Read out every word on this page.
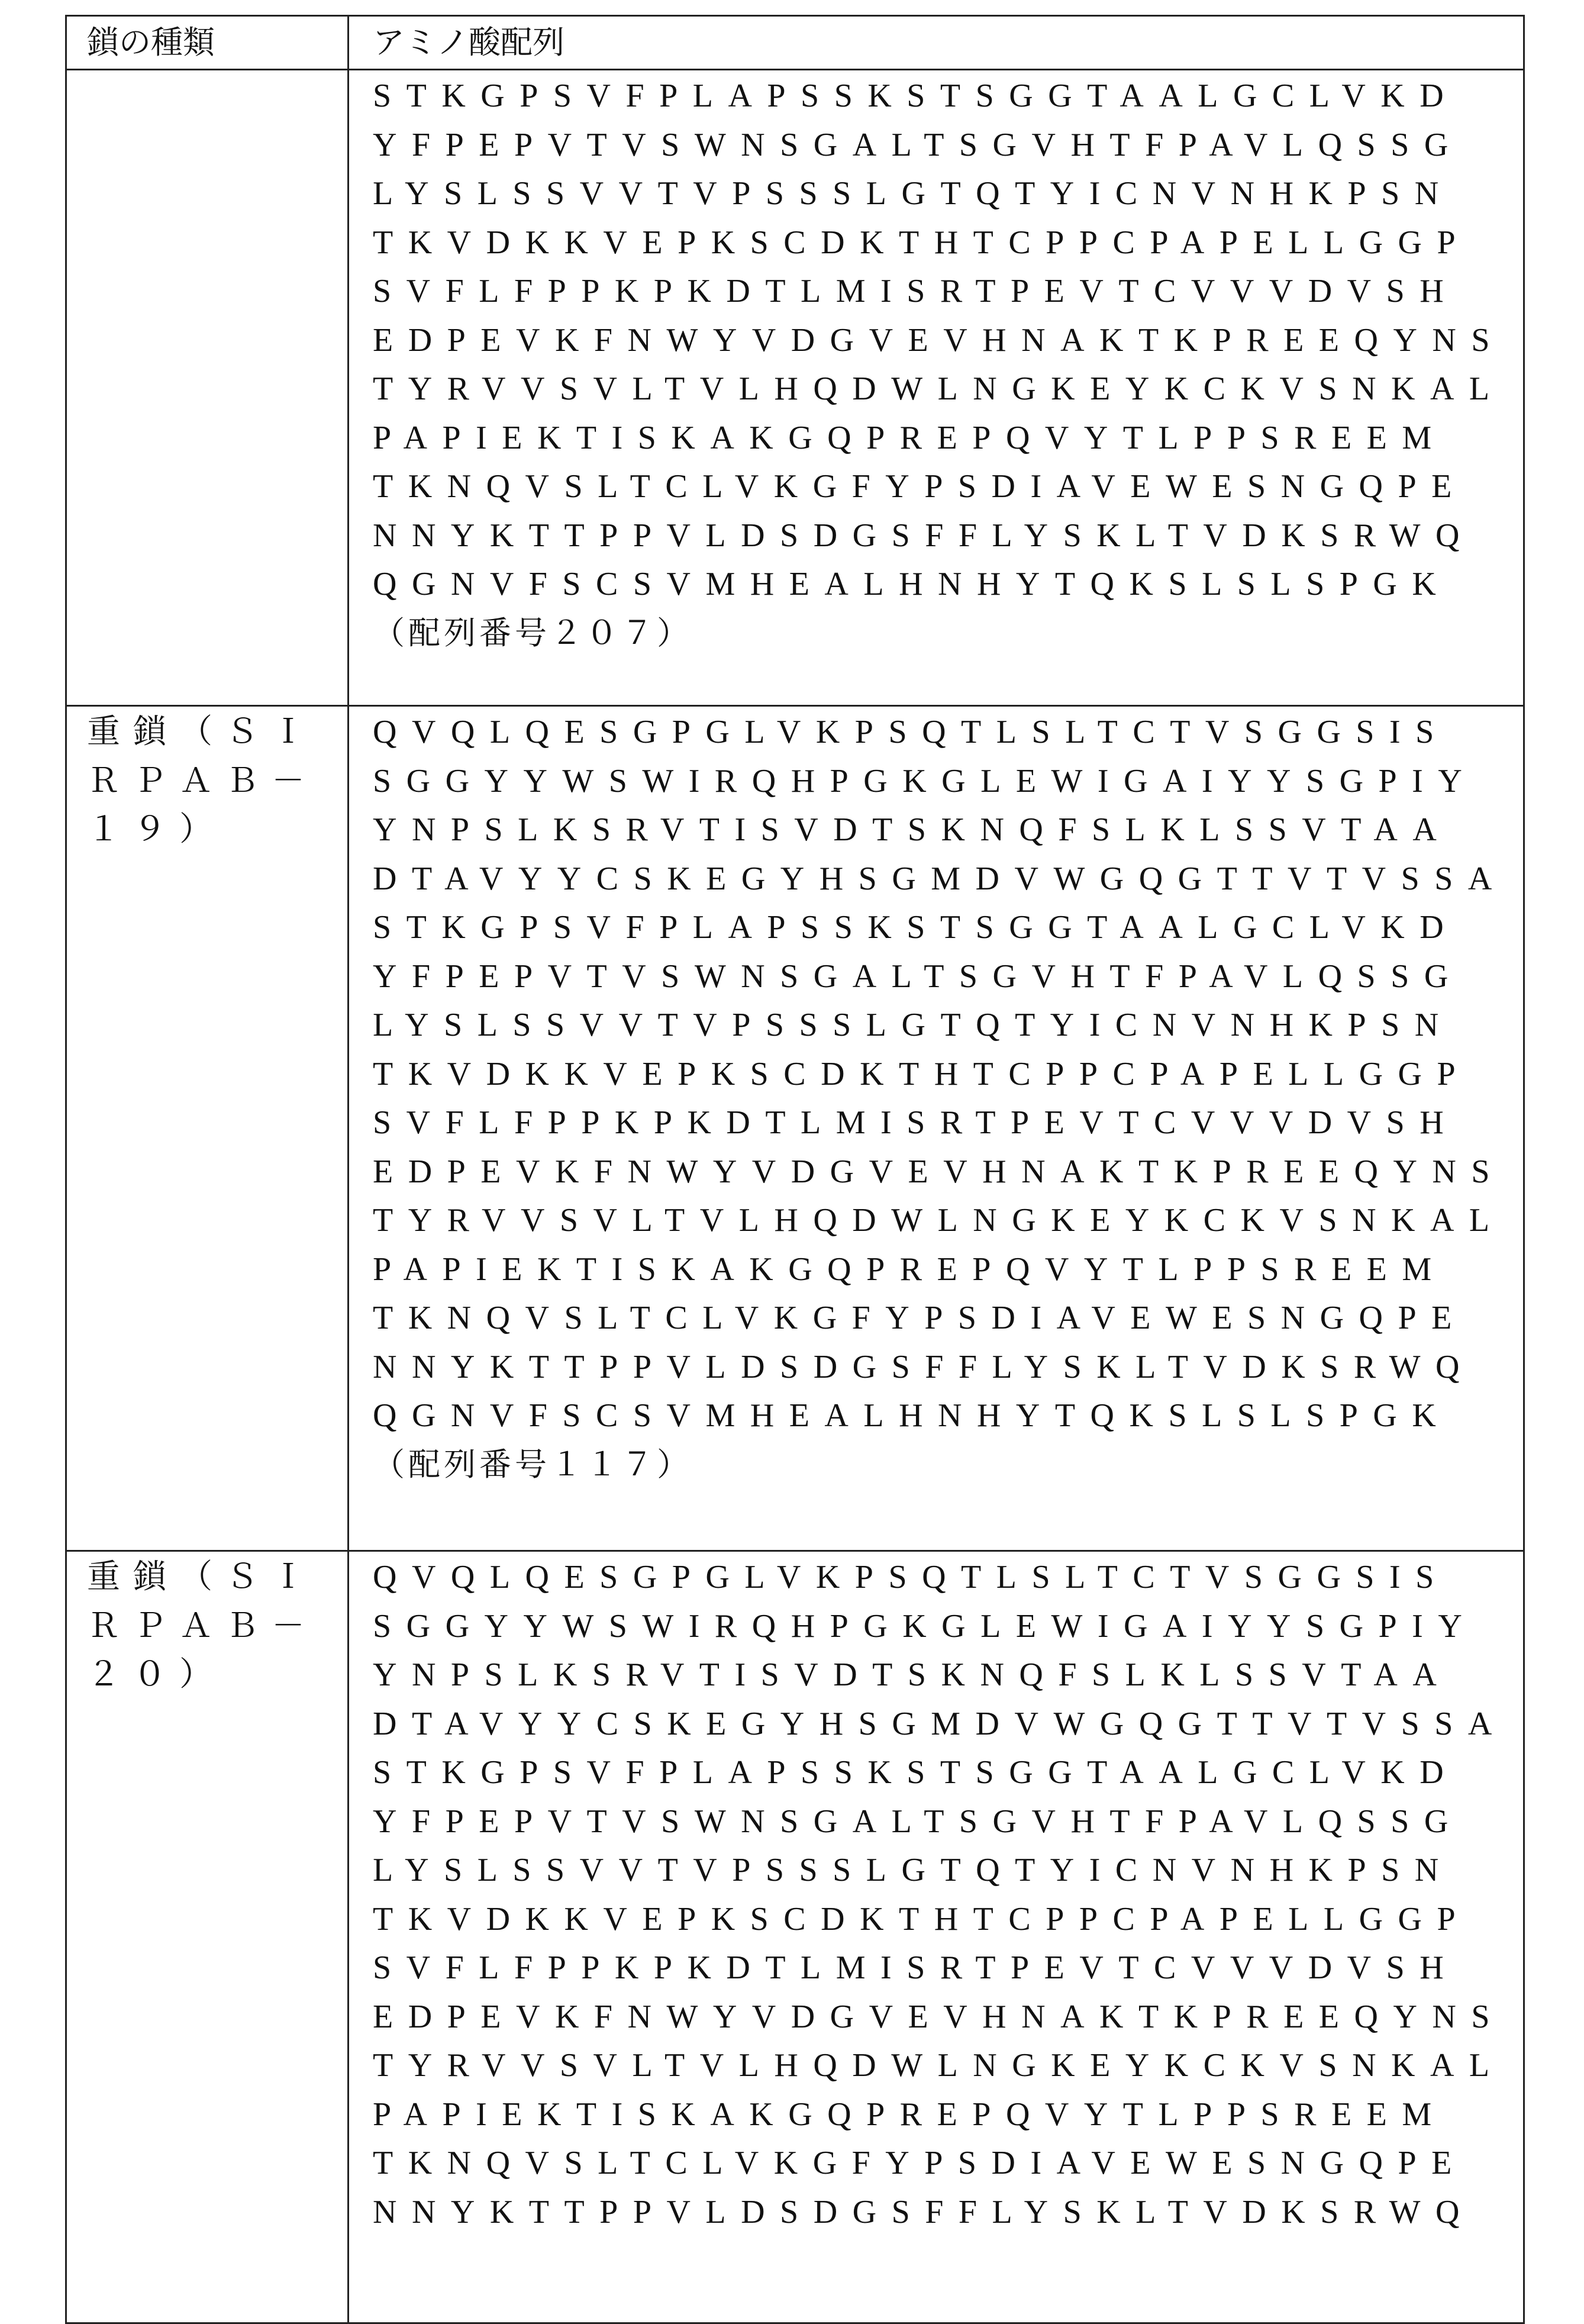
鎖の種類	アミノ酸配列

STKGPSVFPLAPSSKSTSGGTAALGCLVKD
YFPEPVTVSWNSGALTSGVHTFPAVLQSSG
LYSLSSVVTVPSSSLGTQTYICNVNHKPSN
TKVDKKVEPKSCDKTHTCPPCPAPELLGGP
SVFLFPPKPKDTLMISRTPEVTCVVVDVSH
EDPEVKFNWYVDGVEVHNAKTKPREEQYNS
TYRVVSVLTVLHQDWLNGKEYKCKVSNKAL
PAPIEKTISKAKGQPREPQVYTLPPSREEM
TKNQVSLTCLVKGFYPSDIAVEWESNGQPE
NNYKTTPPVLDSDGSFFLYSKLTVDKSRWQ
QGNVFSCSVMHEALHNHYTQKSLSLSPGK
（配列番号２０７）

重鎖（ＳＩ
ＲＰＡＢ－
１９）

QVQLQESGPGLVKPSQTLSLTCTVSGGSIS
SGGYYWSWIRQHPGKGLEWIGAIYYSGPIY
YNPSLKSRVTISVDTSKNQFSLKLSSVTAA
DTAVYYCSKEGYHSGMDVWGQGTTVTVSSA
STKGPSVFPLAPSSKSTSGGTAALGCLVKD
YFPEPVTVSWNSGALTSGVHTFPAVLQSSG
LYSLSSVVTVPSSSLGTQTYICNVNHKPSN
TKVDKKVEPKSCDKTHTCPPCPAPELLGGP
SVFLFPPKPKDTLMISRTPEVTCVVVDVSH
EDPEVKFNWYVDGVEVHNAKTKPREEQYNS
TYRVVSVLTVLHQDWLNGKEYKCKVSNKAL
PAPIEKTISKAKGQPREPQVYTLPPSREEM
TKNQVSLTCLVKGFYPSDIAVEWESNGQPE
NNYKTTPPVLDSDGSFFLYSKLTVDKSRWQ
QGNVFSCSVMHEALHNHYTQKSLSLSPGK
（配列番号１１７）

重鎖（ＳＩ
ＲＰＡＢ－
２０）

QVQLQESGPGLVKPSQTLSLTCTVSGGSIS
SGGYYWSWIRQHPGKGLEWIGAIYYSGPIY
YNPSLKSRVTISVDTSKNQFSLKLSSVTAA
DTAVYYCSKEGYHSGMDVWGQGTTVTVSSA
STKGPSVFPLAPSSKSTSGGTAALGCLVKD
YFPEPVTVSWNSGALTSGVHTFPAVLQSSG
LYSLSSVVTVPSSSLGTQTYICNVNHKPSN
TKVDKKVEPKSCDKTHTCPPCPAPELLGGP
SVFLFPPKPKDTLMISRTPEVTCVVVDVSH
EDPEVKFNWYVDGVEVHNAKTKPREEQYNS
TYRVVSVLTVLHQDWLNGKEYKCKVSNKAL
PAPIEKTISKAKGQPREPQVYTLPPSREEM
TKNQVSLTCLVKGFYPSDIAVEWESNGQPE
NNYKTTPPVLDSDGSFFLYSKLTVDKSRWQ
